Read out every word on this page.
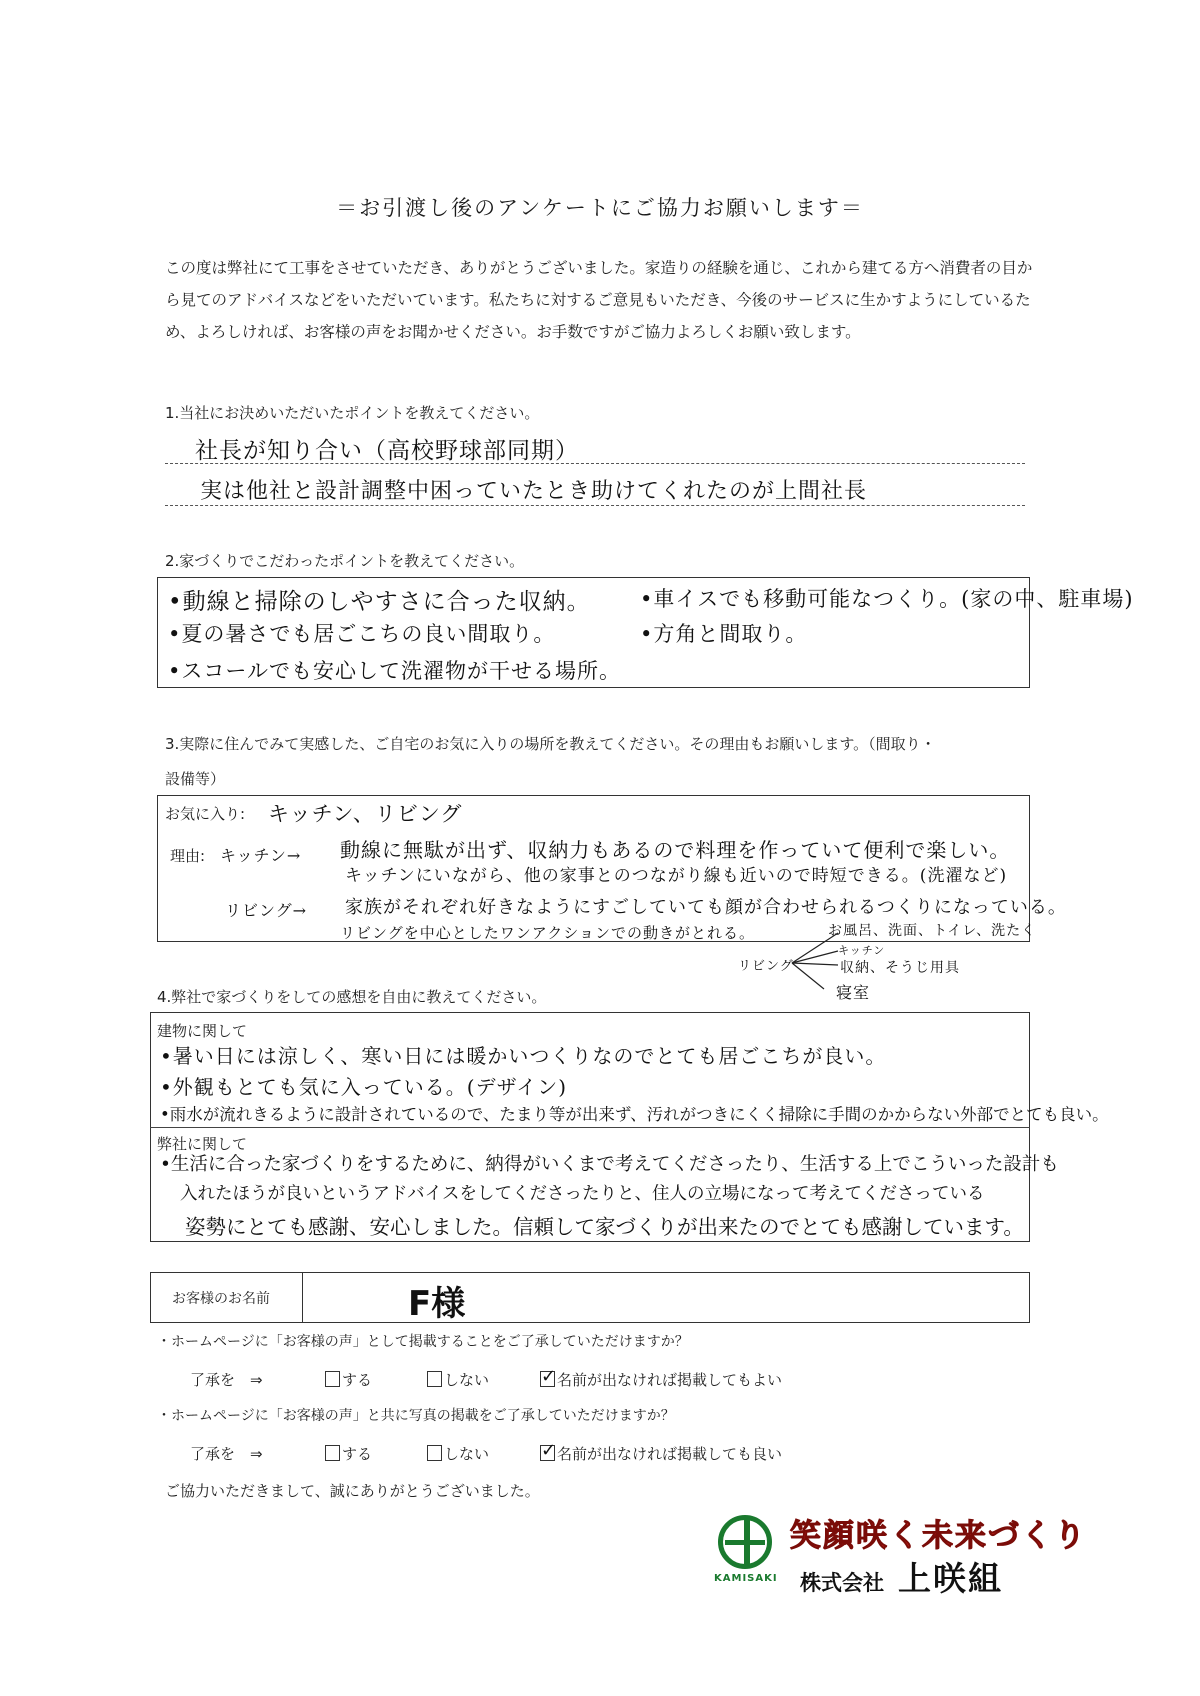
＝お引渡し後のアンケートにご協力お願いします＝
この度は弊社にて工事をさせていただき、ありがとうございました。家造りの経験を通じ、これから建てる方へ消費者の目から見てのアドバイスなどをいただいています。私たちに対するご意見もいただき、今後のサービスに生かすようにしているため、よろしければ、お客様の声をお聞かせください。お手数ですがご協力よろしくお願い致します。
1.当社にお決めいただいたポイントを教えてください。
社長が知り合い（高校野球部同期）
実は他社と設計調整中困っていたとき助けてくれたのが上間社長
2.家づくりでこだわったポイントを教えてください。
•動線と掃除のしやすさに合った収納。 •車イスでも移動可能なつくり。(家の中、駐車場)
•夏の暑さでも居ごこちの良い間取り。	•方角と間取り。
•スコールでも安心して洗濯物が干せる場所。
3.実際に住んでみて実感した、ご自宅のお気に入りの場所を教えてください。その理由もお願いします。（間取り・
設備等）
お気に入り: キッチン、リビング
理由: キッチン→ 動線に無駄が出ず、収納力もあるので料理を作っていて便利で楽しい。
キッチンにいながら、他の家事とのつながり線も近いので時短できる。(洗濯など)
リビング→ 家族がそれぞれ好きなようにすごしていても顔が合わせられるつくりになっている。
リビングを中心としたワンアクションでの動きがとれる。
リビング
お風呂、洗面、トイレ、洗たく
キッチン
収納、そうじ用具
寝室
4.弊社で家づくりをしての感想を自由に教えてください。
建物に関して
•暑い日には涼しく、寒い日には暖かいつくりなのでとても居ごこちが良い。
•外観もとても気に入っている。(デザイン)
•雨水が流れきるように設計されているので、たまり等が出来ず、汚れがつきにくく掃除に手間のかからない外部でとても良い。
弊社に関して
•生活に合った家づくりをするために、納得がいくまで考えてくださったり、生活する上でこういった設計も
入れたほうが良いというアドバイスをしてくださったりと、住人の立場になって考えてくださっている
姿勢にとても感謝、安心しました。信頼して家づくりが出来たのでとても感謝しています。
お客様のお名前	F様
・ホームページに「お客様の声」として掲載することをご了承していただけますか？
了承を　⇒	する	しない ✓	名前が出なければ掲載してもよい
・ホームページに「お客様の声」と共に写真の掲載をご了承していただけますか？
了承を　⇒	する	しない ✓	名前が出なければ掲載しても良い
ご協力いただきまして、誠にありがとうございました。
KAMISAKI
笑顔咲く未来づくり
株式会社 上咲組
